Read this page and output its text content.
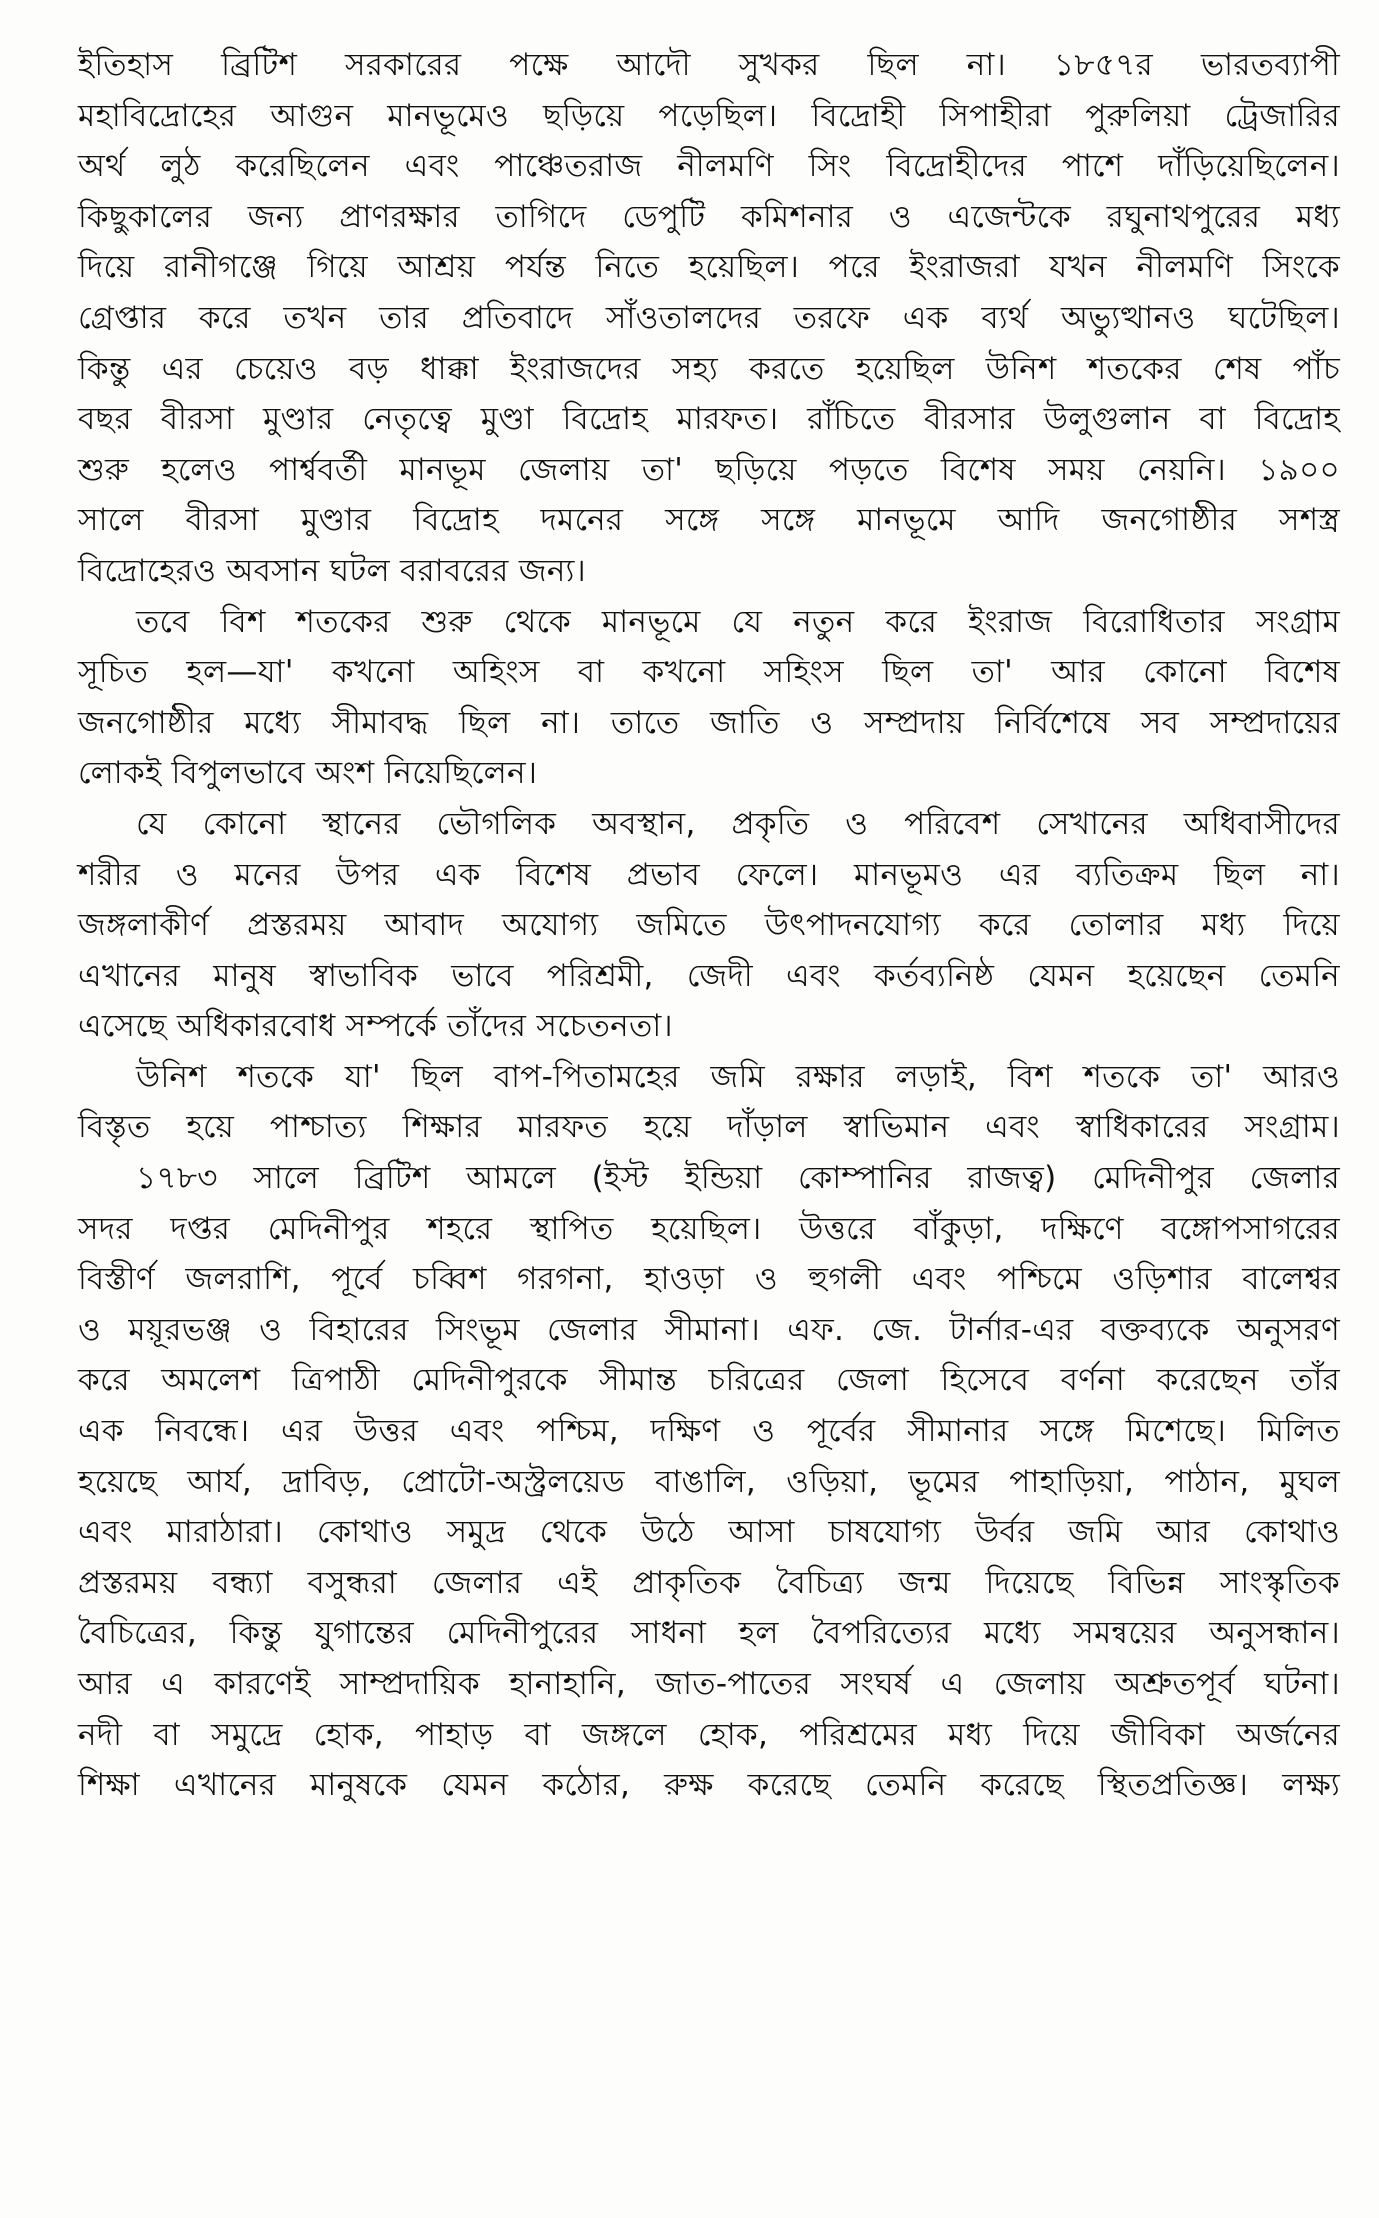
ইতিহাস ব্রিটিশ সরকারের পক্ষে আদৌ সুখকর ছিল না। ১৮৫৭র ভারতব্যাপী
মহাবিদ্রোহের আগুন মানভূমেও ছড়িয়ে পড়েছিল। বিদ্রোহী সিপাহীরা পুরুলিয়া ট্রেজারির
অর্থ লুঠ করেছিলেন এবং পাঞ্চেতরাজ নীলমণি সিং বিদ্রোহীদের পাশে দাঁড়িয়েছিলেন।
কিছুকালের জন্য প্রাণরক্ষার তাগিদে ডেপুটি কমিশনার ও এজেন্টকে রঘুনাথপুরের মধ্য
দিয়ে রানীগঞ্জে গিয়ে আশ্রয় পর্যন্ত নিতে হয়েছিল। পরে ইংরাজরা যখন নীলমণি সিংকে
গ্রেপ্তার করে তখন তার প্রতিবাদে সাঁওতালদের তরফে এক ব্যর্থ অভ্যুত্থানও ঘটেছিল।
কিন্তু এর চেয়েও বড় ধাক্কা ইংরাজদের সহ্য করতে হয়েছিল উনিশ শতকের শেষ পাঁচ
বছর বীরসা মুণ্ডার নেতৃত্বে মুণ্ডা বিদ্রোহ মারফত। রাঁচিতে বীরসার উলুগুলান বা বিদ্রোহ
শুরু হলেও পার্শ্ববর্তী মানভূম জেলায় তা' ছড়িয়ে পড়তে বিশেষ সময় নেয়নি। ১৯০০
সালে বীরসা মুণ্ডার বিদ্রোহ দমনের সঙ্গে সঙ্গে মানভূমে আদি জনগোষ্ঠীর সশস্ত্র
বিদ্রোহেরও অবসান ঘটল বরাবরের জন্য।
তবে বিশ শতকের শুরু থেকে মানভূমে যে নতুন করে ইংরাজ বিরোধিতার সংগ্রাম
সূচিত হল—যা' কখনো অহিংস বা কখনো সহিংস ছিল তা' আর কোনো বিশেষ
জনগোষ্ঠীর মধ্যে সীমাবদ্ধ ছিল না। তাতে জাতি ও সম্প্রদায় নির্বিশেষে সব সম্প্রদায়ের
লোকই বিপুলভাবে অংশ নিয়েছিলেন।
যে কোনো স্থানের ভৌগলিক অবস্থান, প্রকৃতি ও পরিবেশ সেখানের অধিবাসীদের
শরীর ও মনের উপর এক বিশেষ প্রভাব ফেলে। মানভূমও এর ব্যতিক্রম ছিল না।
জঙ্গলাকীর্ণ প্রস্তরময় আবাদ অযোগ্য জমিতে উৎপাদনযোগ্য করে তোলার মধ্য দিয়ে
এখানের মানুষ স্বাভাবিক ভাবে পরিশ্রমী, জেদী এবং কর্তব্যনিষ্ঠ যেমন হয়েছেন তেমনি
এসেছে অধিকারবোধ সম্পর্কে তাঁদের সচেতনতা।
উনিশ শতকে যা' ছিল বাপ-পিতামহের জমি রক্ষার লড়াই, বিশ শতকে তা' আরও
বিস্তৃত হয়ে পাশ্চাত্য শিক্ষার মারফত হয়ে দাঁড়াল স্বাভিমান এবং স্বাধিকারের সংগ্রাম।
১৭৮৩ সালে ব্রিটিশ আমলে (ইস্ট ইন্ডিয়া কোম্পানির রাজত্ব) মেদিনীপুর জেলার
সদর দপ্তর মেদিনীপুর শহরে স্থাপিত হয়েছিল। উত্তরে বাঁকুড়া, দক্ষিণে বঙ্গোপসাগরের
বিস্তীর্ণ জলরাশি, পূর্বে চব্বিশ গরগনা, হাওড়া ও হুগলী এবং পশ্চিমে ওড়িশার বালেশ্বর
ও ময়ূরভঞ্জ ও বিহারের সিংভূম জেলার সীমানা। এফ. জে. টার্নার-এর বক্তব্যকে অনুসরণ
করে অমলেশ ত্রিপাঠী মেদিনীপুরকে সীমান্ত চরিত্রের জেলা হিসেবে বর্ণনা করেছেন তাঁর
এক নিবন্ধে। এর উত্তর এবং পশ্চিম, দক্ষিণ ও পূর্বের সীমানার সঙ্গে মিশেছে। মিলিত
হয়েছে আর্য, দ্রাবিড়, প্রোটো-অস্ট্রলয়েড বাঙালি, ওড়িয়া, ভূমের পাহাড়িয়া, পাঠান, মুঘল
এবং মারাঠারা। কোথাও সমুদ্র থেকে উঠে আসা চাষযোগ্য উর্বর জমি আর কোথাও
প্রস্তরময় বন্ধ্যা বসুন্ধরা জেলার এই প্রাকৃতিক বৈচিত্র্য জন্ম দিয়েছে বিভিন্ন সাংস্কৃতিক
বৈচিত্রের, কিন্তু যুগান্তের মেদিনীপুরের সাধনা হল বৈপরিত্যের মধ্যে সমন্বয়ের অনুসন্ধান।
আর এ কারণেই সাম্প্রদায়িক হানাহানি, জাত-পাতের সংঘর্ষ এ জেলায় অশ্রুতপূর্ব ঘটনা।
নদী বা সমুদ্রে হোক, পাহাড় বা জঙ্গলে হোক, পরিশ্রমের মধ্য দিয়ে জীবিকা অর্জনের
শিক্ষা এখানের মানুষকে যেমন কঠোর, রুক্ষ করেছে তেমনি করেছে স্থিতপ্রতিজ্ঞ। লক্ষ্য
